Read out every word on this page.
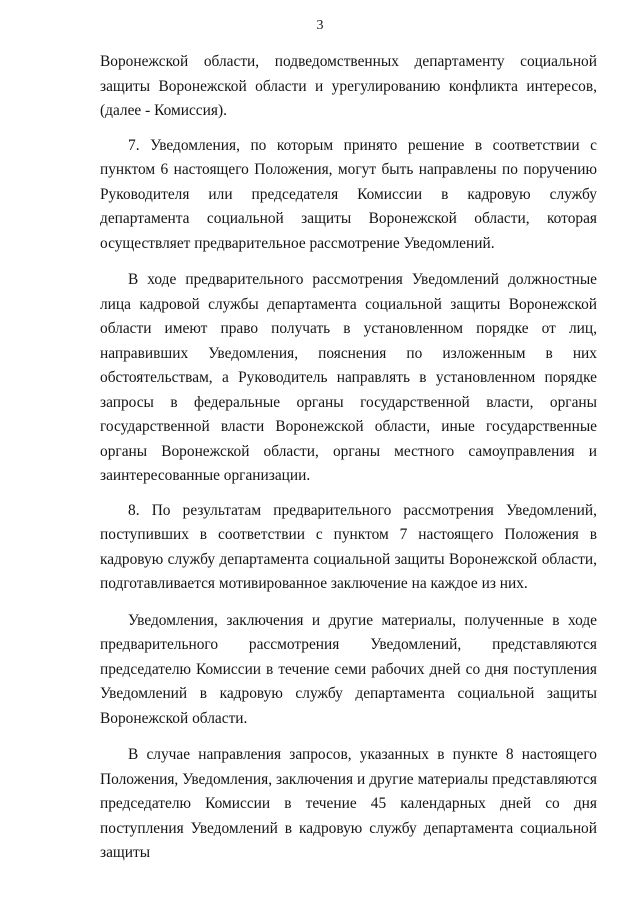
3

Воронежской области, подведомственных департаменту социальной защиты Воронежской области и урегулированию конфликта интересов, (далее - Комиссия).

7. Уведомления, по которым принято решение в соответствии с пунктом 6 настоящего Положения, могут быть направлены по поручению Руководителя или председателя Комиссии в кадровую службу департамента социальной защиты Воронежской области, которая осуществляет предварительное рассмотрение Уведомлений.

В ходе предварительного рассмотрения Уведомлений должностные лица кадровой службы департамента социальной защиты Воронежской области имеют право получать в установленном порядке от лиц, направивших Уведомления, пояснения по изложенным в них обстоятельствам, а Руководитель направлять в установленном порядке запросы в федеральные органы государственной власти, органы государственной власти Воронежской области, иные государственные органы Воронежской области, органы местного самоуправления и заинтересованные организации.

8. По результатам предварительного рассмотрения Уведомлений, поступивших в соответствии с пунктом 7 настоящего Положения в кадровую службу департамента социальной защиты Воронежской области, подготавливается мотивированное заключение на каждое из них.

Уведомления, заключения и другие материалы, полученные в ходе предварительного рассмотрения Уведомлений, представляются председателю Комиссии в течение семи рабочих дней со дня поступления Уведомлений в кадровую службу департамента социальной защиты Воронежской области.

В случае направления запросов, указанных в пункте 8 настоящего Положения, Уведомления, заключения и другие материалы представляются председателю Комиссии в течение 45 календарных дней со дня поступления Уведомлений в кадровую службу департамента социальной защиты
